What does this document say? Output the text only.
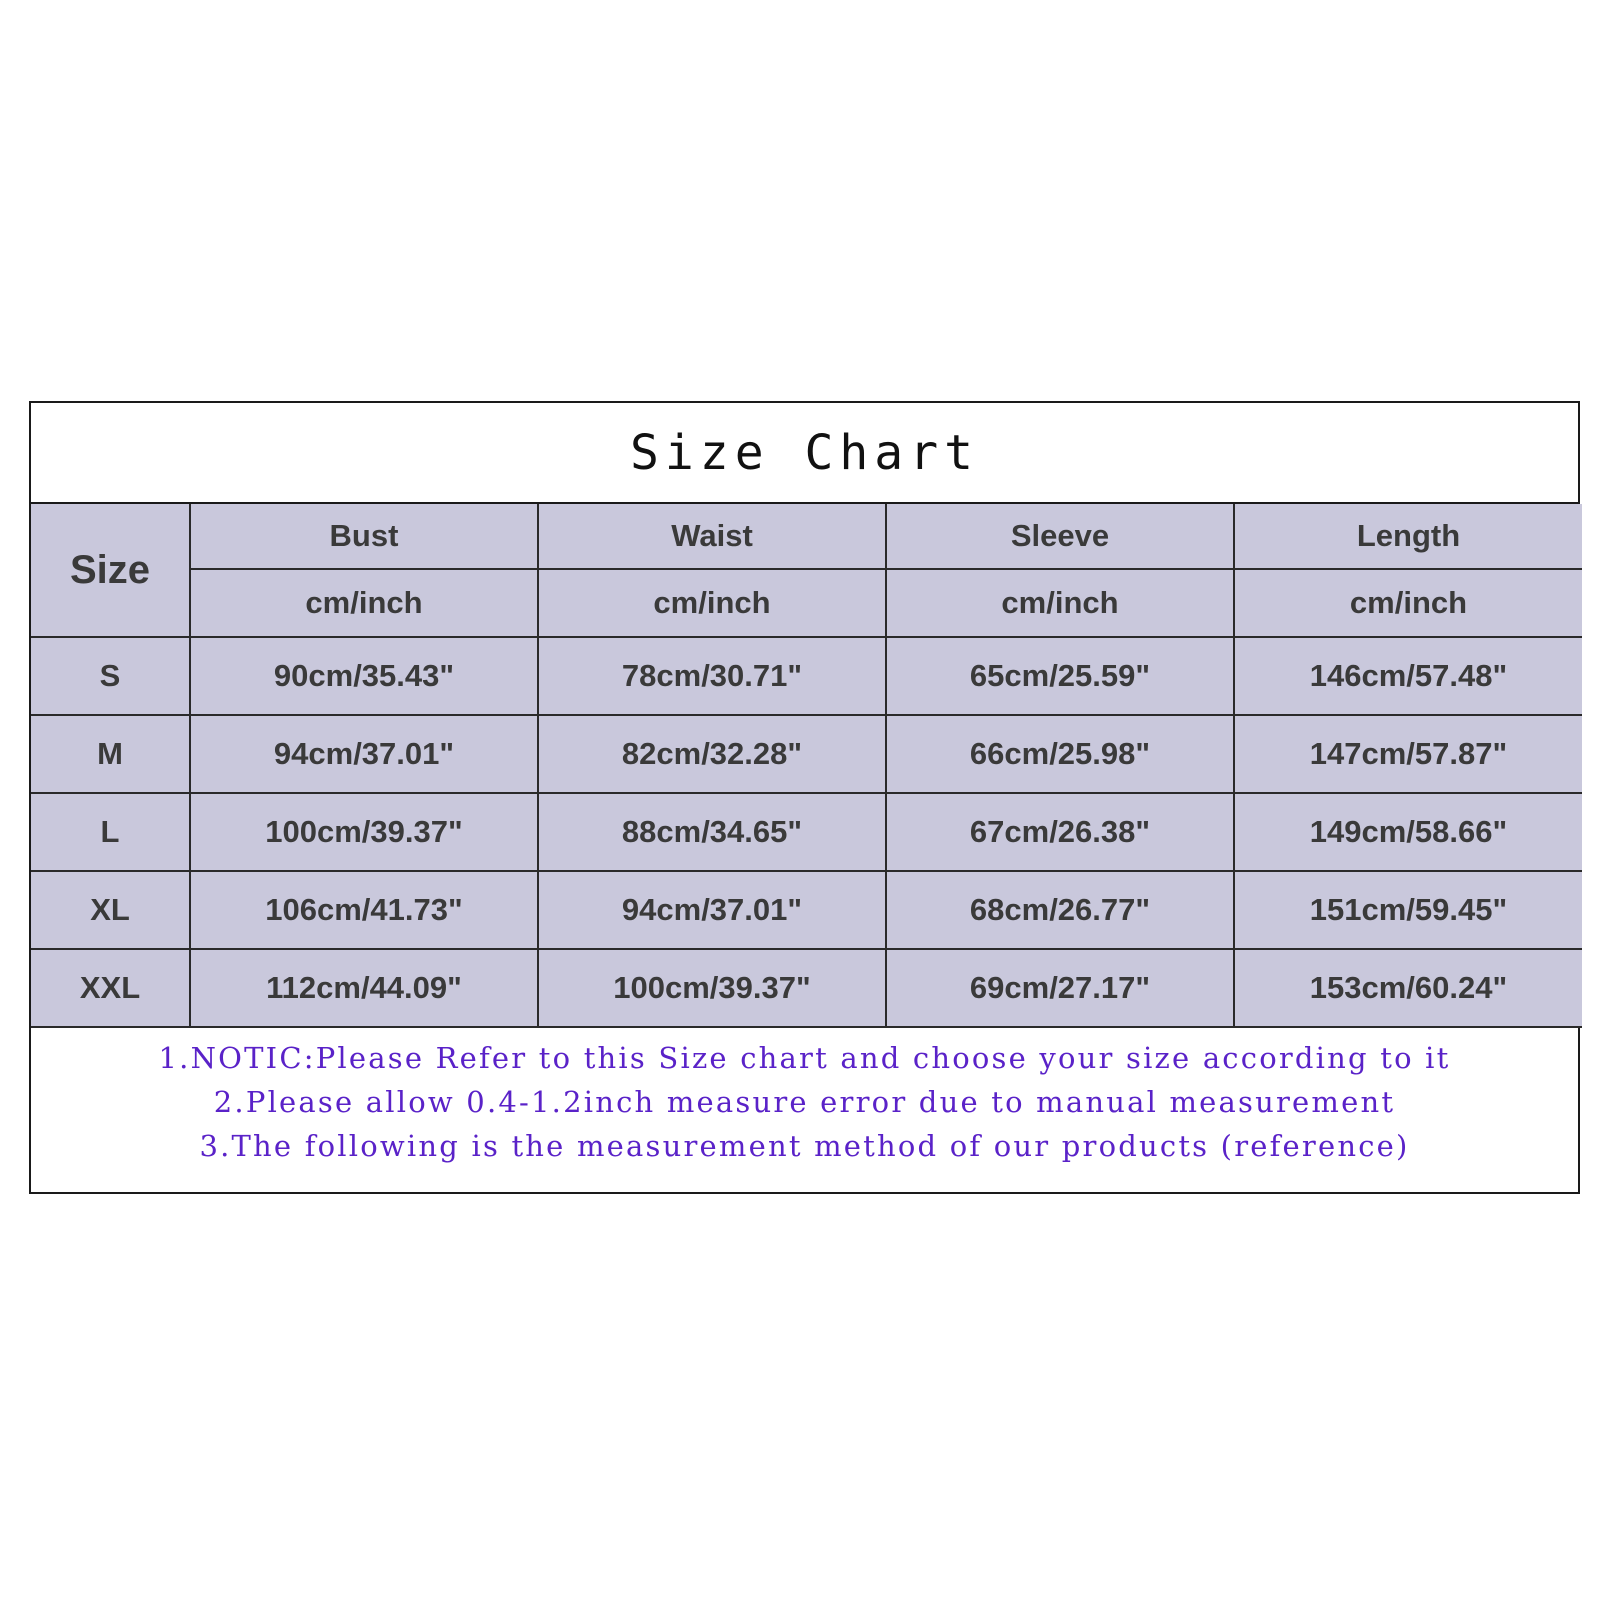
Size Chart
Size	Bust	Waist	Sleeve	Length
	cm/inch	cm/inch	cm/inch	cm/inch
S	90cm/35.43"	78cm/30.71"	65cm/25.59"	146cm/57.48"
M	94cm/37.01"	82cm/32.28"	66cm/25.98"	147cm/57.87"
L	100cm/39.37"	88cm/34.65"	67cm/26.38"	149cm/58.66"
XL	106cm/41.73"	94cm/37.01"	68cm/26.77"	151cm/59.45"
XXL	112cm/44.09"	100cm/39.37"	69cm/27.17"	153cm/60.24"
1.NOTIC:Please Refer to this Size chart and choose your size according to it
2.Please allow 0.4-1.2inch measure error due to manual measurement
3.The following is the measurement method of our products (reference)
